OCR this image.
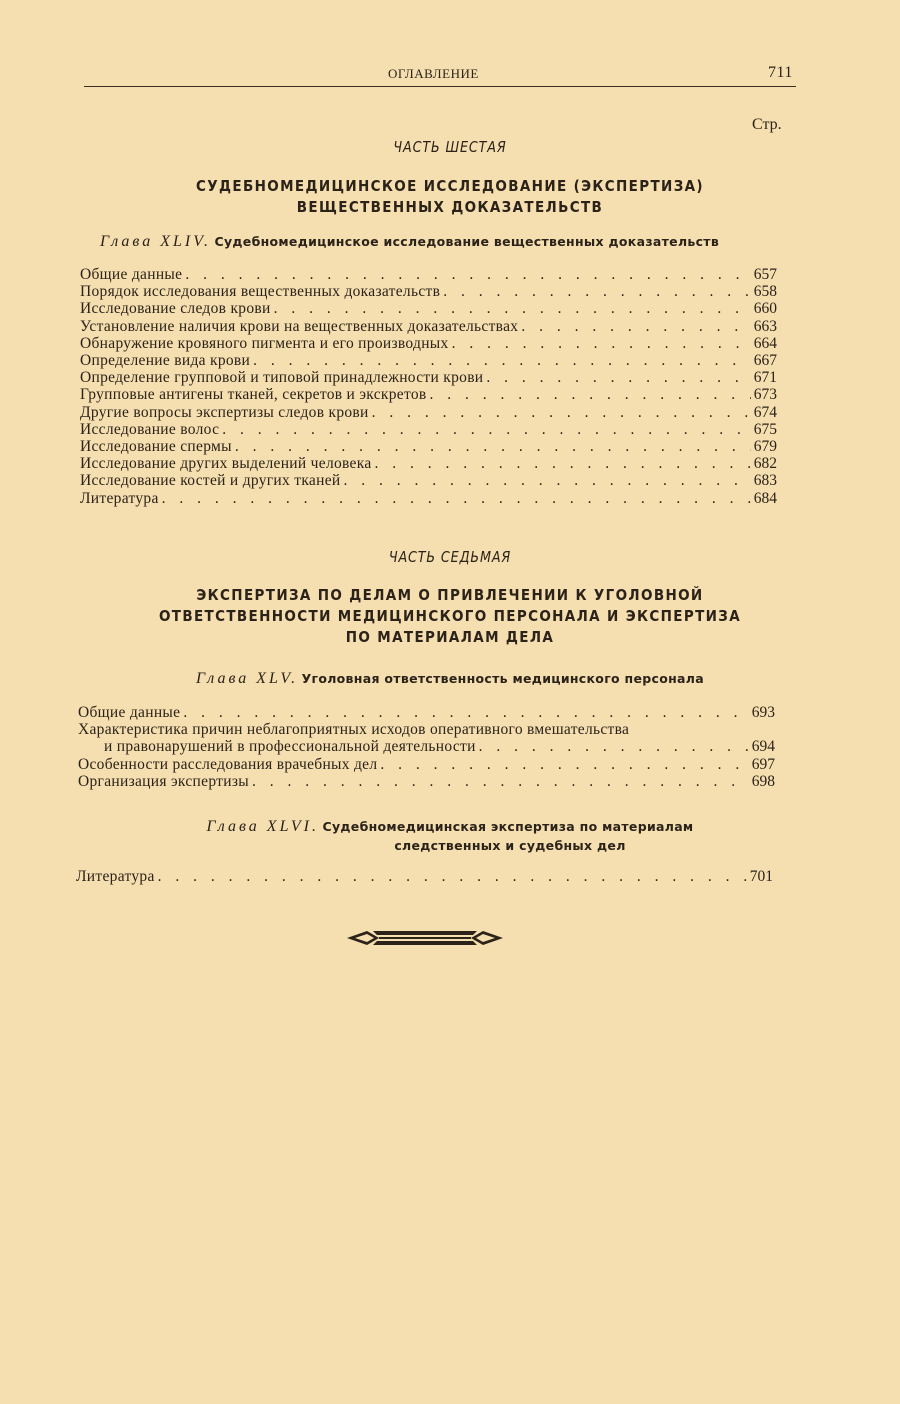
ОГЛАВЛЕНИЕ	711
Стр.
ЧАСТЬ ШЕСТАЯ
СУДЕБНОМЕДИЦИНСКОЕ ИССЛЕДОВАНИЕ (ЭКСПЕРТИЗА)
ВЕЩЕСТВЕННЫХ ДОКАЗАТЕЛЬСТВ
Глава XLIV. Судебномедицинское исследование вещественных доказательств
Общие данные . . .	657
Порядок исследования вещественных доказательств . . .	658
Исследование следов крови . . .	660
Установление наличия крови на вещественных доказательствах . . .	663
Обнаружение кровяного пигмента и его производных . . .	664
Определение вида крови . . .	667
Определение групповой и типовой принадлежности крови . . .	671
Групповые антигены тканей, секретов и экскретов . . .	673
Другие вопросы экспертизы следов крови . . .	674
Исследование волос . . .	675
Исследование спермы . . .	679
Исследование других выделений человека . . .	682
Исследование костей и других тканей . . .	683
Литература . . .	684
ЧАСТЬ СЕДЬМАЯ
ЭКСПЕРТИЗА ПО ДЕЛАМ О ПРИВЛЕЧЕНИИ К УГОЛОВНОЙ
ОТВЕТСТВЕННОСТИ МЕДИЦИНСКОГО ПЕРСОНАЛА И ЭКСПЕРТИЗА
ПО МАТЕРИАЛАМ ДЕЛА
Глава XLV. Уголовная ответственность медицинского персонала
Общие данные . . .	693
Характеристика причин неблагоприятных исходов оперативного вмешательства
и правонарушений в профессиональной деятельности . . .	694
Особенности расследования врачебных дел . . .	697
Организация экспертизы . . .	698
Глава XLVI. Судебномедицинская экспертиза по материалам
следственных и судебных дел
Литература . . .	701
